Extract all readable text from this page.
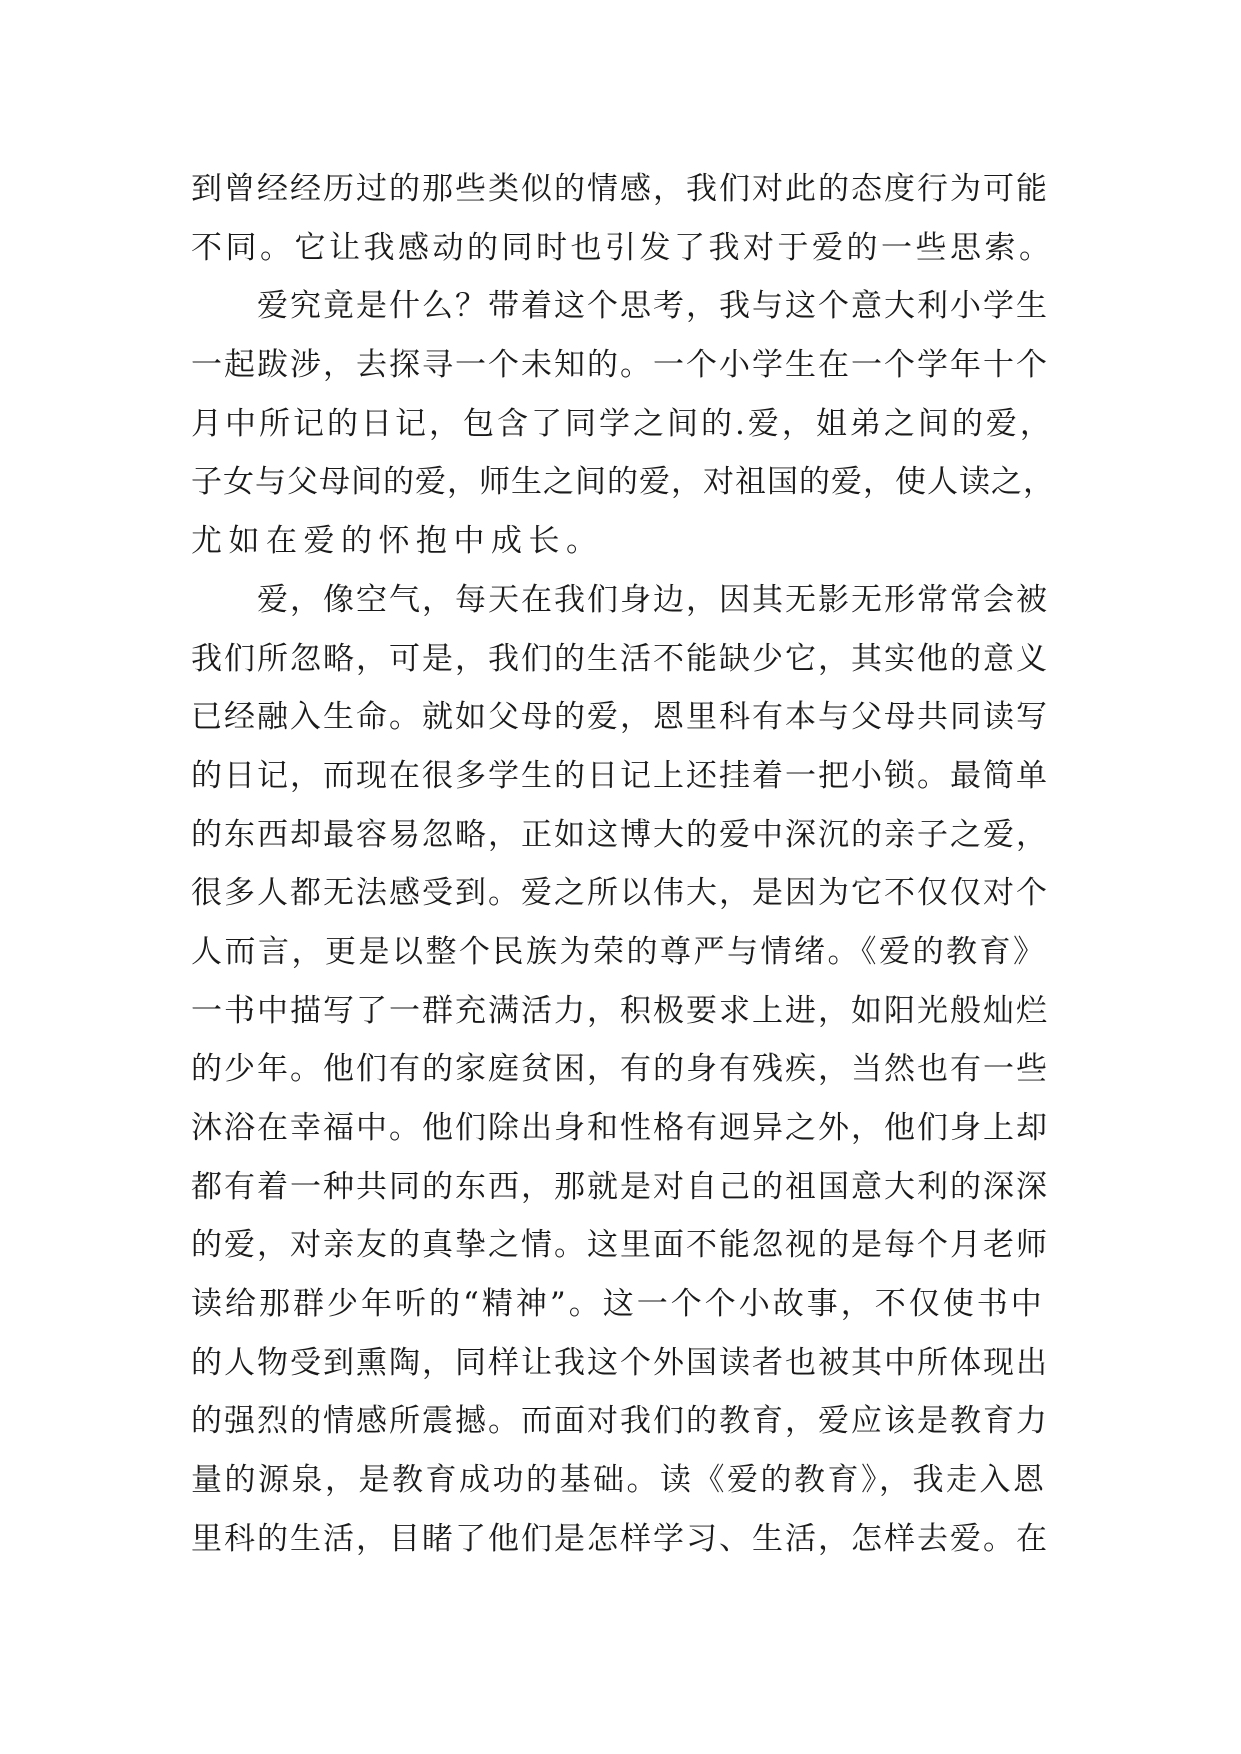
到曾经经历过的那些类似的情感，我们对此的态度行为可能
不同。它让我感动的同时也引发了我对于爱的一些思索。
爱究竟是什么？带着这个思考，我与这个意大利小学生
一起跋涉，去探寻一个未知的。一个小学生在一个学年十个
月中所记的日记，包含了同学之间的.爱，姐弟之间的爱，
子女与父母间的爱，师生之间的爱，对祖国的爱，使人读之，
尤如在爱的怀抱中成长。
爱，像空气，每天在我们身边，因其无影无形常常会被
我们所忽略，可是，我们的生活不能缺少它，其实他的意义
已经融入生命。就如父母的爱，恩里科有本与父母共同读写
的日记，而现在很多学生的日记上还挂着一把小锁。最简单
的东西却最容易忽略，正如这博大的爱中深沉的亲子之爱，
很多人都无法感受到。爱之所以伟大，是因为它不仅仅对个
人而言，更是以整个民族为荣的尊严与情绪。《爱的教育》
一书中描写了一群充满活力，积极要求上进，如阳光般灿烂
的少年。他们有的家庭贫困，有的身有残疾，当然也有一些
沐浴在幸福中。他们除出身和性格有迥异之外，他们身上却
都有着一种共同的东西，那就是对自己的祖国意大利的深深
的爱，对亲友的真挚之情。这里面不能忽视的是每个月老师
读给那群少年听的“精神”。这一个个小故事，不仅使书中
的人物受到熏陶，同样让我这个外国读者也被其中所体现出
的强烈的情感所震撼。而面对我们的教育，爱应该是教育力
量的源泉，是教育成功的基础。读《爱的教育》，我走入恩
里科的生活，目睹了他们是怎样学习、生活，怎样去爱。在
